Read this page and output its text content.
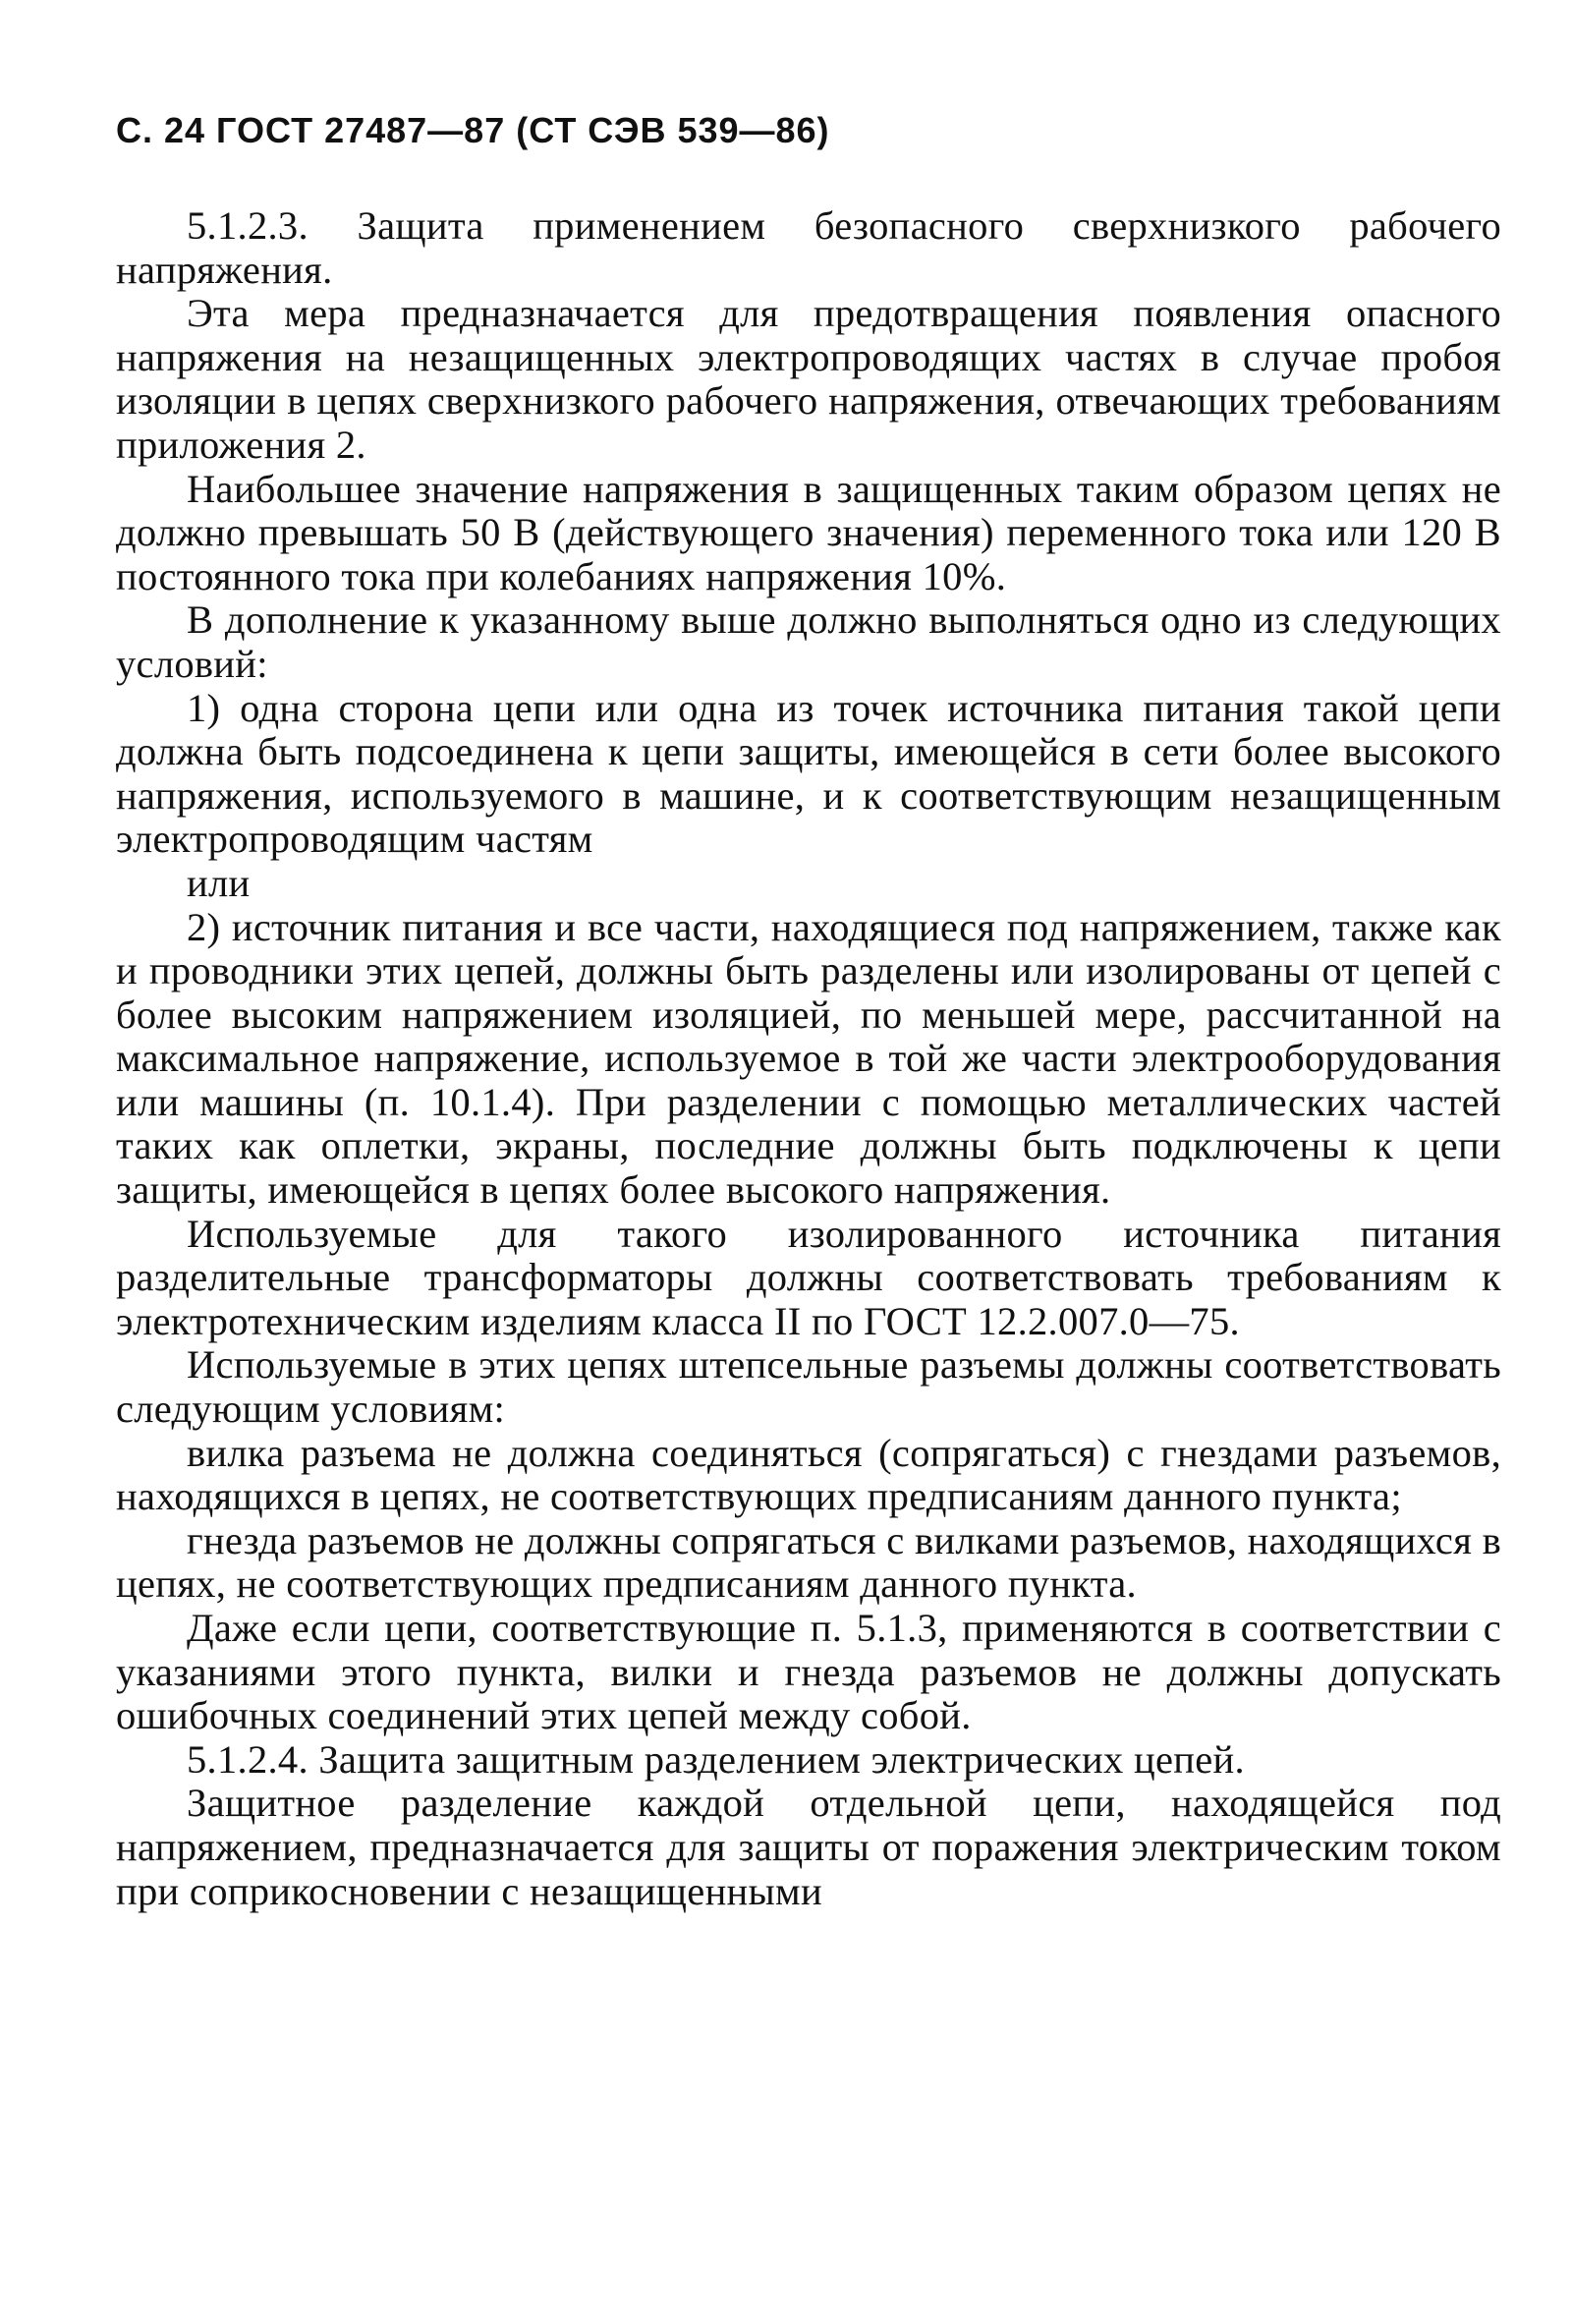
С. 24 ГОСТ 27487—87 (СТ СЭВ 539—86)

5.1.2.3. Защита применением безопасного сверхнизкого рабочего напряжения.

Эта мера предназначается для предотвращения появления опасного напряжения на незащищенных электропроводящих частях в случае пробоя изоляции в цепях сверхнизкого рабочего напряжения, отвечающих требованиям приложения 2.

Наибольшее значение напряжения в защищенных таким образом цепях не должно превышать 50 В (действующего значения) переменного тока или 120 В постоянного тока при колебаниях напряжения 10%.

В дополнение к указанному выше должно выполняться одно из следующих условий:

1) одна сторона цепи или одна из точек источника питания такой цепи должна быть подсоединена к цепи защиты, имеющейся в сети более высокого напряжения, используемого в машине, и к соответствующим незащищенным электропроводящим частям

или

2) источник питания и все части, находящиеся под напряжением, также как и проводники этих цепей, должны быть разделены или изолированы от цепей с более высоким напряжением изоляцией, по меньшей мере, рассчитанной на максимальное напряжение, используемое в той же части электрооборудования или машины (п. 10.1.4). При разделении с помощью металлических частей таких как оплетки, экраны, последние должны быть подключены к цепи защиты, имеющейся в цепях более высокого напряжения.

Используемые для такого изолированного источника питания разделительные трансформаторы должны соответствовать требованиям к электротехническим изделиям класса II по ГОСТ 12.2.007.0—75.

Используемые в этих цепях штепсельные разъемы должны соответствовать следующим условиям:

вилка разъема не должна соединяться (сопрягаться) с гнездами разъемов, находящихся в цепях, не соответствующих предписаниям данного пункта;

гнезда разъемов не должны сопрягаться с вилками разъемов, находящихся в цепях, не соответствующих предписаниям данного пункта.

Даже если цепи, соответствующие п. 5.1.3, применяются в соответствии с указаниями этого пункта, вилки и гнезда разъемов не должны допускать ошибочных соединений этих цепей между собой.

5.1.2.4. Защита защитным разделением электрических цепей.

Защитное разделение каждой отдельной цепи, находящейся под напряжением, предназначается для защиты от поражения электрическим током при соприкосновении с незащищенными
